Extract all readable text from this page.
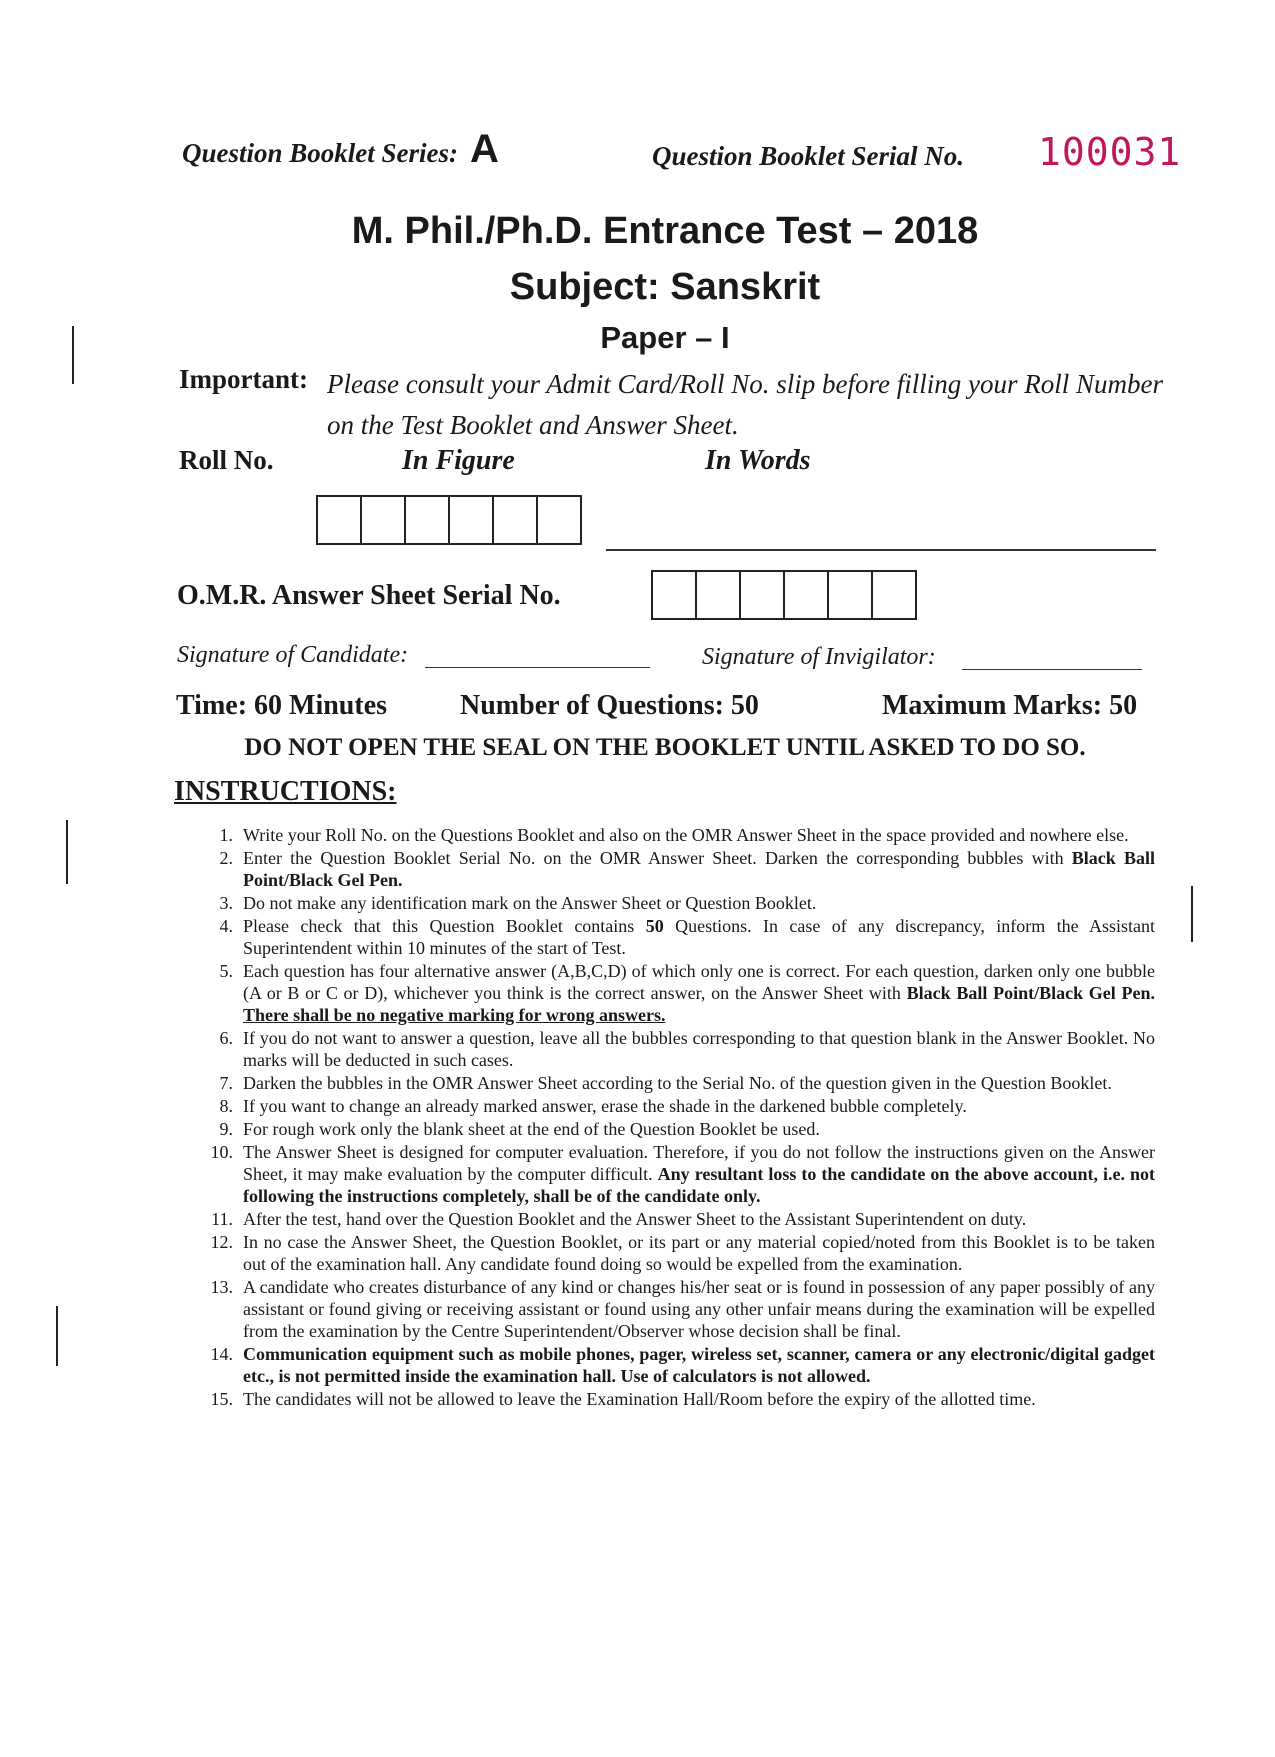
Question Booklet Series: A	Question Booklet Serial No. 100031
M. Phil./Ph.D. Entrance Test – 2018
Subject: Sanskrit
Paper – I
Important: Please consult your Admit Card/Roll No. slip before filling your Roll Number on the Test Booklet and Answer Sheet.
Roll No.	In Figure	In Words
O.M.R. Answer Sheet Serial No.
Signature of Candidate:	Signature of Invigilator:
Time: 60 Minutes	Number of Questions: 50	Maximum Marks: 50
DO NOT OPEN THE SEAL ON THE BOOKLET UNTIL ASKED TO DO SO.
INSTRUCTIONS:
1. Write your Roll No. on the Questions Booklet and also on the OMR Answer Sheet in the space provided and nowhere else.
2. Enter the Question Booklet Serial No. on the OMR Answer Sheet. Darken the corresponding bubbles with Black Ball Point/Black Gel Pen.
3. Do not make any identification mark on the Answer Sheet or Question Booklet.
4. Please check that this Question Booklet contains 50 Questions. In case of any discrepancy, inform the Assistant Superintendent within 10 minutes of the start of Test.
5. Each question has four alternative answer (A,B,C,D) of which only one is correct. For each question, darken only one bubble (A or B or C or D), whichever you think is the correct answer, on the Answer Sheet with Black Ball Point/Black Gel Pen. There shall be no negative marking for wrong answers.
6. If you do not want to answer a question, leave all the bubbles corresponding to that question blank in the Answer Booklet. No marks will be deducted in such cases.
7. Darken the bubbles in the OMR Answer Sheet according to the Serial No. of the question given in the Question Booklet.
8. If you want to change an already marked answer, erase the shade in the darkened bubble completely.
9. For rough work only the blank sheet at the end of the Question Booklet be used.
10. The Answer Sheet is designed for computer evaluation. Therefore, if you do not follow the instructions given on the Answer Sheet, it may make evaluation by the computer difficult. Any resultant loss to the candidate on the above account, i.e. not following the instructions completely, shall be of the candidate only.
11. After the test, hand over the Question Booklet and the Answer Sheet to the Assistant Superintendent on duty.
12. In no case the Answer Sheet, the Question Booklet, or its part or any material copied/noted from this Booklet is to be taken out of the examination hall. Any candidate found doing so would be expelled from the examination.
13. A candidate who creates disturbance of any kind or changes his/her seat or is found in possession of any paper possibly of any assistant or found giving or receiving assistant or found using any other unfair means during the examination will be expelled from the examination by the Centre Superintendent/Observer whose decision shall be final.
14. Communication equipment such as mobile phones, pager, wireless set, scanner, camera or any electronic/digital gadget etc., is not permitted inside the examination hall. Use of calculators is not allowed.
15. The candidates will not be allowed to leave the Examination Hall/Room before the expiry of the allotted time.
